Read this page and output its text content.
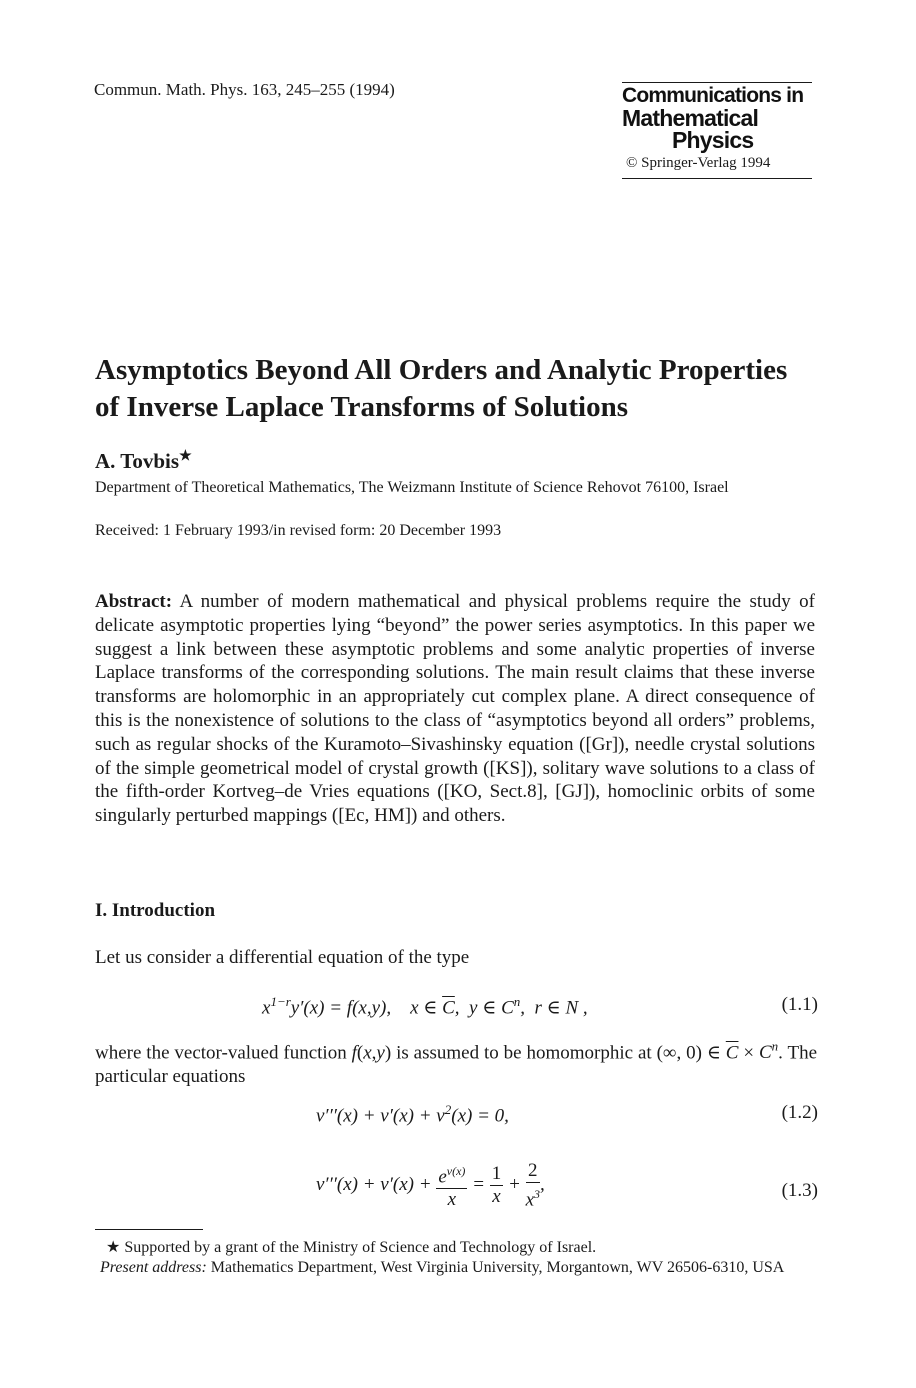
Commun. Math. Phys. 163, 245–255 (1994)	Communications in
Mathematical
Physics
© Springer-Verlag 1994
Asymptotics Beyond All Orders and Analytic Properties
of Inverse Laplace Transforms of Solutions
A. Tovbis★
Department of Theoretical Mathematics, The Weizmann Institute of Science Rehovot 76100, Israel
Received: 1 February 1993/in revised form: 20 December 1993
Abstract: A number of modern mathematical and physical problems require the study of delicate asymptotic properties lying “beyond” the power series asymptotics. In this paper we suggest a link between these asymptotic problems and some analytic properties of inverse Laplace transforms of the corresponding solutions. The main result claims that these inverse transforms are holomorphic in an appropriately cut complex plane. A direct consequence of this is the nonexistence of solutions to the class of “asymptotics beyond all orders” problems, such as regular shocks of the Kuramoto–Sivashinsky equation ([Gr]), needle crystal solutions of the simple geometrical model of crystal growth ([KS]), solitary wave solutions to a class of the fifth-order Kortveg–de Vries equations ([KO, Sect.8], [GJ]), homoclinic orbits of some singularly perturbed mappings ([Ec, HM]) and others.
I. Introduction
Let us consider a differential equation of the type
$x^{1-r}y'(x) = f(x,y)$,    x ∈ $\overline{C}$,  y ∈ $C^n$,  r ∈ N ,	(1.1)
where the vector-valued function f(x,y) is assumed to be homomorphic at (∞, 0) ∈ $\overline{C} \times C^n$. The particular equations
$v'''(x) + v'(x) + v^2(x) = 0$,	(1.2)
$v'''(x) + v'(x) + \frac{e^{v(x)}}{x} = \frac{1}{x} + \frac{2}{x^3}$ ,	(1.3)
★ Supported by a grant of the Ministry of Science and Technology of Israel.
Present address: Mathematics Department, West Virginia University, Morgantown, WV 26506-6310, USA
